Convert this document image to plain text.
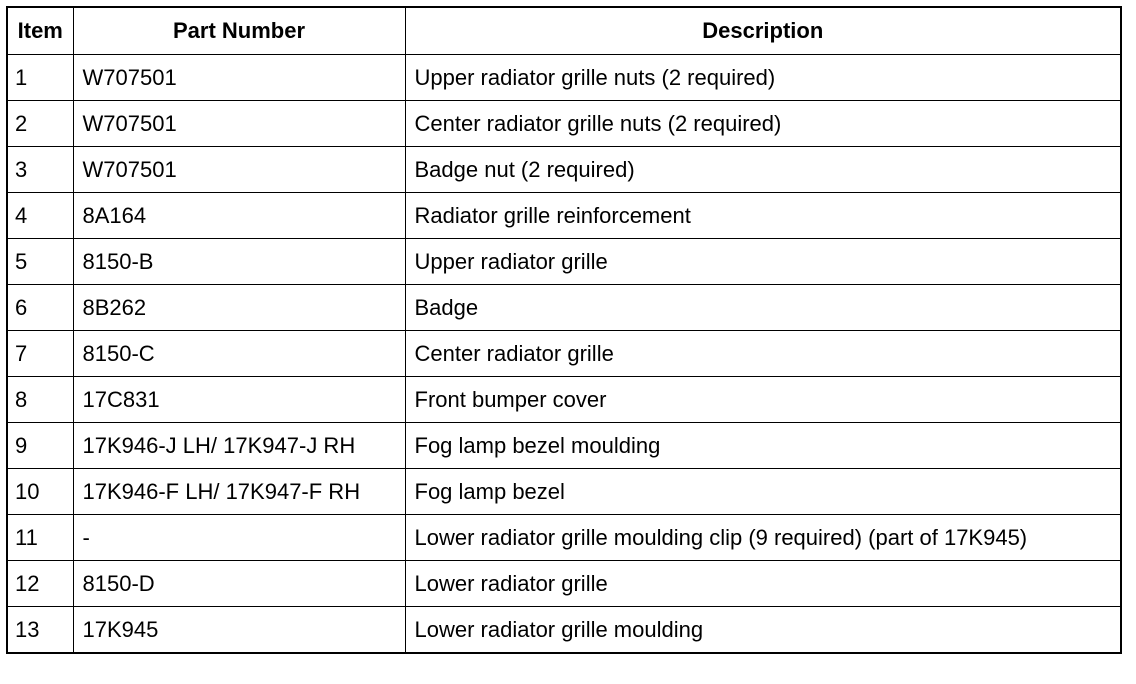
Item	Part Number	Description
1	W707501	Upper radiator grille nuts (2 required)
2	W707501	Center radiator grille nuts (2 required)
3	W707501	Badge nut (2 required)
4	8A164	Radiator grille reinforcement
5	8150-B	Upper radiator grille
6	8B262	Badge
7	8150-C	Center radiator grille
8	17C831	Front bumper cover
9	17K946-J LH/ 17K947-J RH	Fog lamp bezel moulding
10	17K946-F LH/ 17K947-F RH	Fog lamp bezel
11	-	Lower radiator grille moulding clip (9 required) (part of 17K945)
12	8150-D	Lower radiator grille
13	17K945	Lower radiator grille moulding
